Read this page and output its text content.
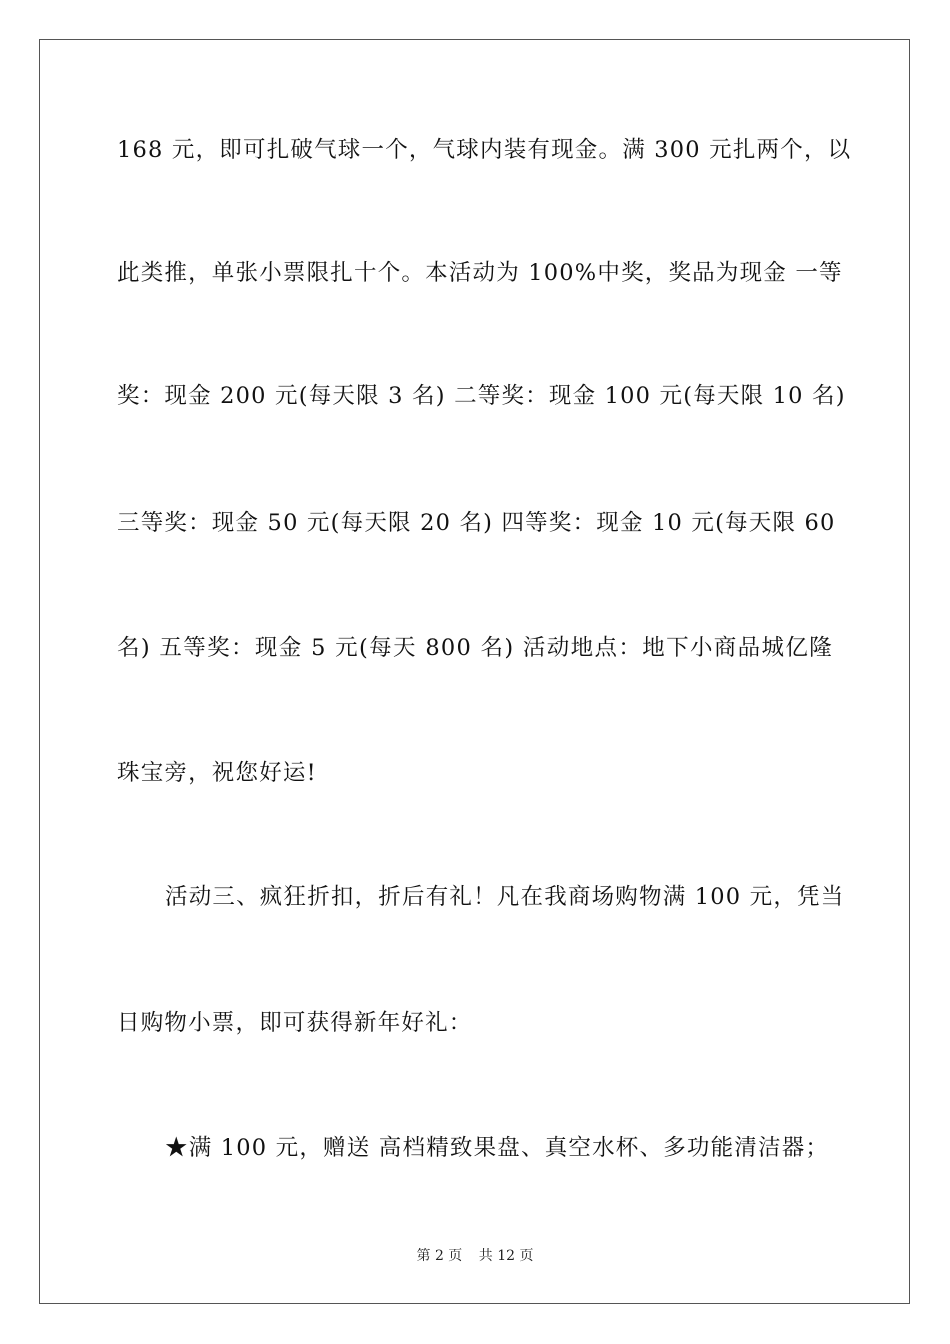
168 元，即可扎破气球一个，气球内装有现金。满 300 元扎两个，以
此类推，单张小票限扎十个。本活动为 100%中奖，奖品为现金 一等
奖：现金 200 元(每天限 3 名) 二等奖：现金 100 元(每天限 10 名)
三等奖：现金 50 元(每天限 20 名) 四等奖：现金 10 元(每天限 60
名) 五等奖：现金 5 元(每天 800 名) 活动地点：地下小商品城亿隆
珠宝旁，祝您好运!
活动三、疯狂折扣，折后有礼！凡在我商场购物满 100 元，凭当
日购物小票，即可获得新年好礼：
★满 100 元，赠送 高档精致果盘、真空水杯、多功能清洁器；
第 2 页 共 12 页
